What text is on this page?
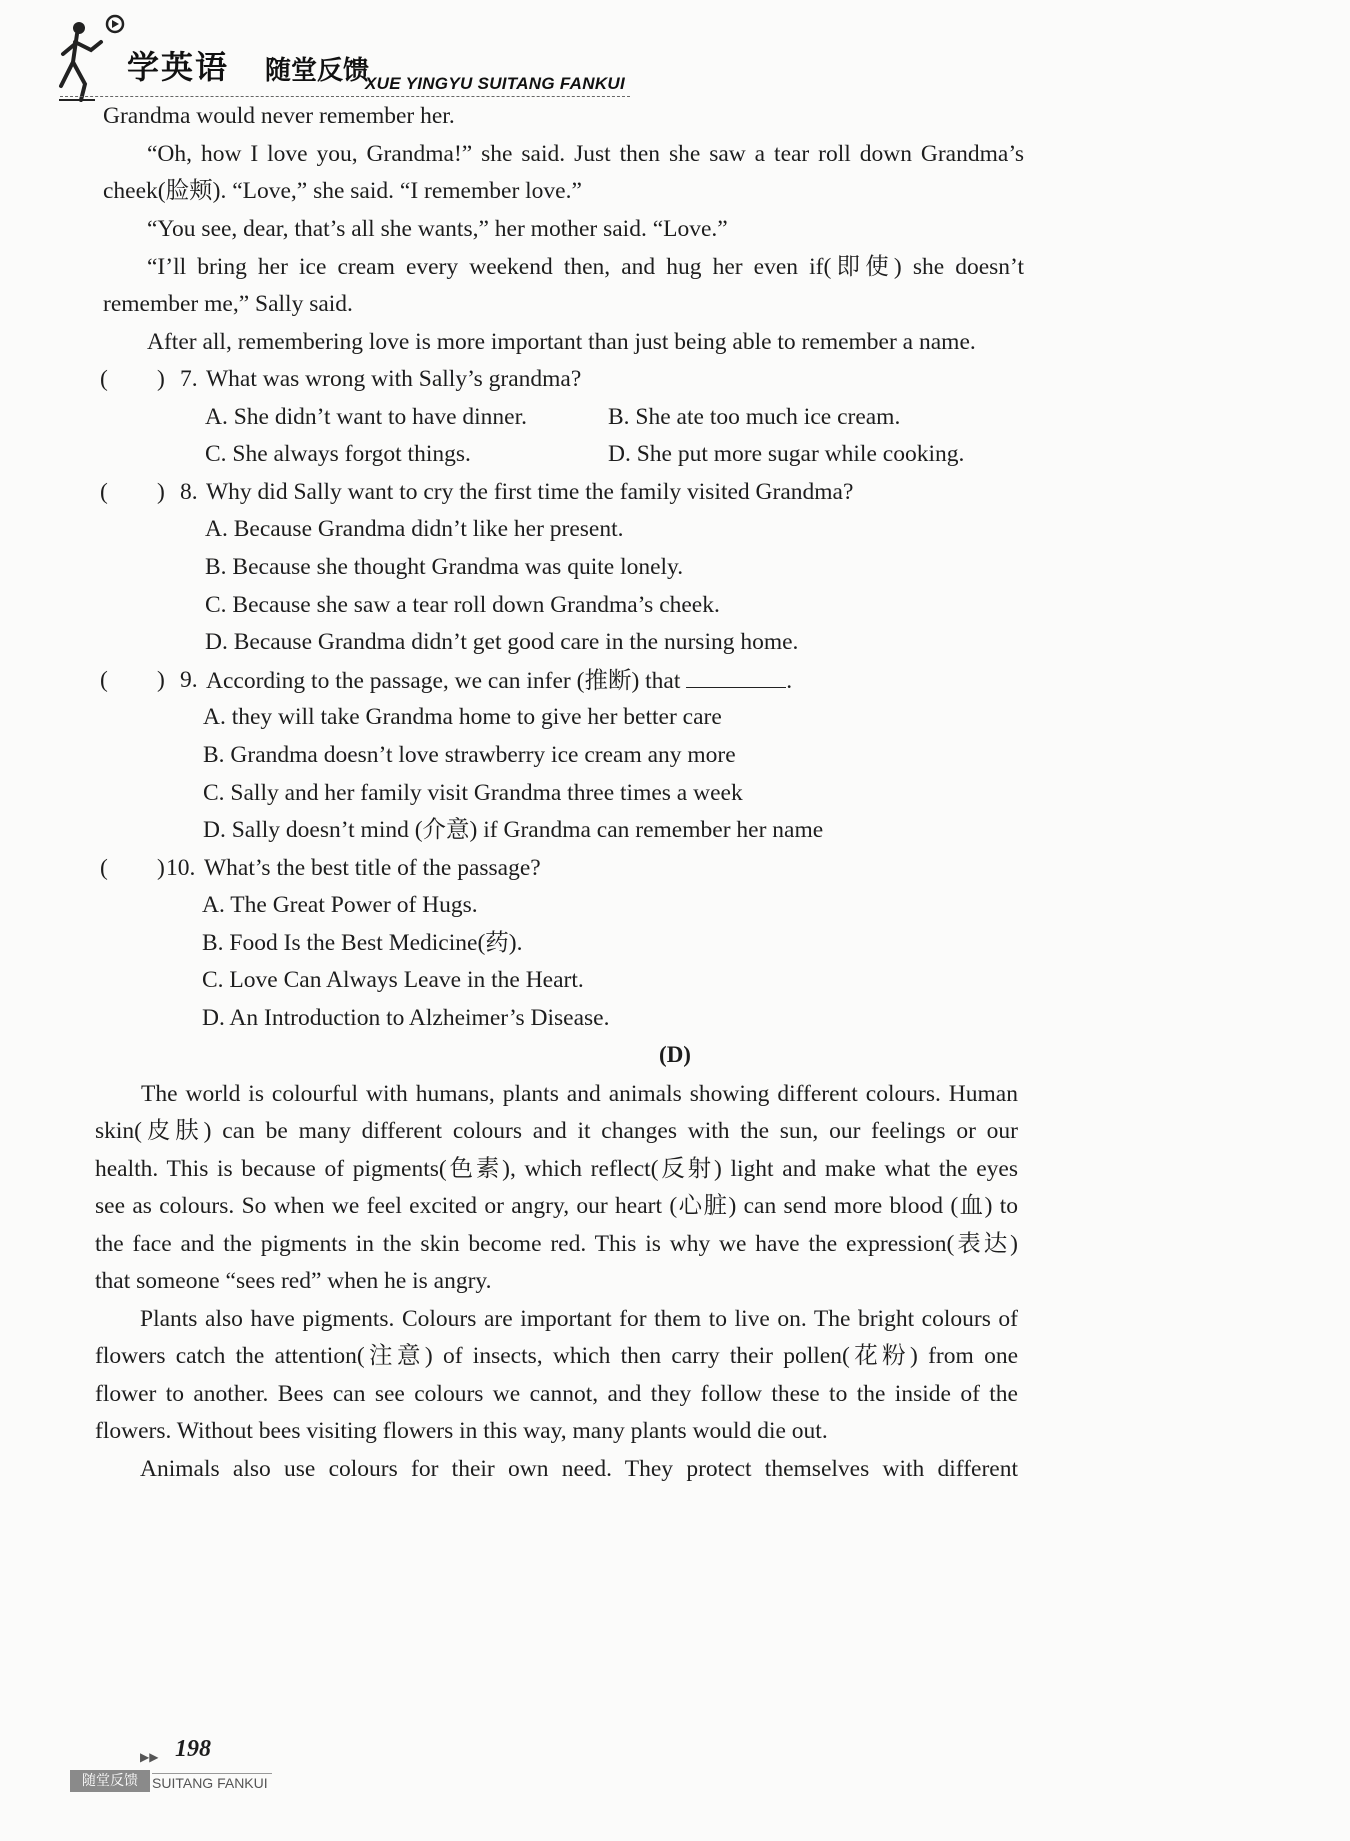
学英语 随堂反馈
XUE YINGYU SUITANG FANKUI
Grandma would never remember her.
“Oh, how I love you, Grandma!” she said. Just then she saw a tear roll down Grandma’s
cheek(脸颊). “Love,” she said. “I remember love.”
“You see, dear, that’s all she wants,” her mother said. “Love.”
“I’ll bring her ice cream every weekend then, and hug her even if(即使) she doesn’t
remember me,” Sally said.
After all, remembering love is more important than just being able to remember a name.
( ) 7. What was wrong with Sally’s grandma?
A. She didn’t want to have dinner.	B. She ate too much ice cream.
C. She always forgot things.	D. She put more sugar while cooking.
( ) 8. Why did Sally want to cry the first time the family visited Grandma?
A. Because Grandma didn’t like her present.
B. Because she thought Grandma was quite lonely.
C. Because she saw a tear roll down Grandma’s cheek.
D. Because Grandma didn’t get good care in the nursing home.
( ) 9. According to the passage, we can infer (推断) that	.
A. they will take Grandma home to give her better care
B. Grandma doesn’t love strawberry ice cream any more
C. Sally and her family visit Grandma three times a week
D. Sally doesn’t mind (介意) if Grandma can remember her name
( ) 10. What’s the best title of the passage?
A. The Great Power of Hugs.
B. Food Is the Best Medicine(药).
C. Love Can Always Leave in the Heart.
D. An Introduction to Alzheimer’s Disease.
(D)
The world is colourful with humans, plants and animals showing different colours. Human
skin(皮肤) can be many different colours and it changes with the sun, our feelings or our
health. This is because of pigments(色素), which reflect(反射) light and make what the eyes
see as colours. So when we feel excited or angry, our heart (心脏) can send more blood (血) to
the face and the pigments in the skin become red. This is why we have the expression(表达)
that someone “sees red” when he is angry.
Plants also have pigments. Colours are important for them to live on. The bright colours of
flowers catch the attention(注意) of insects, which then carry their pollen(花粉) from one
flower to another. Bees can see colours we cannot, and they follow these to the inside of the
flowers. Without bees visiting flowers in this way, many plants would die out.
Animals also use colours for their own need. They protect themselves with different
▶▶ 198
随堂反馈	SUITANG FANKUI
